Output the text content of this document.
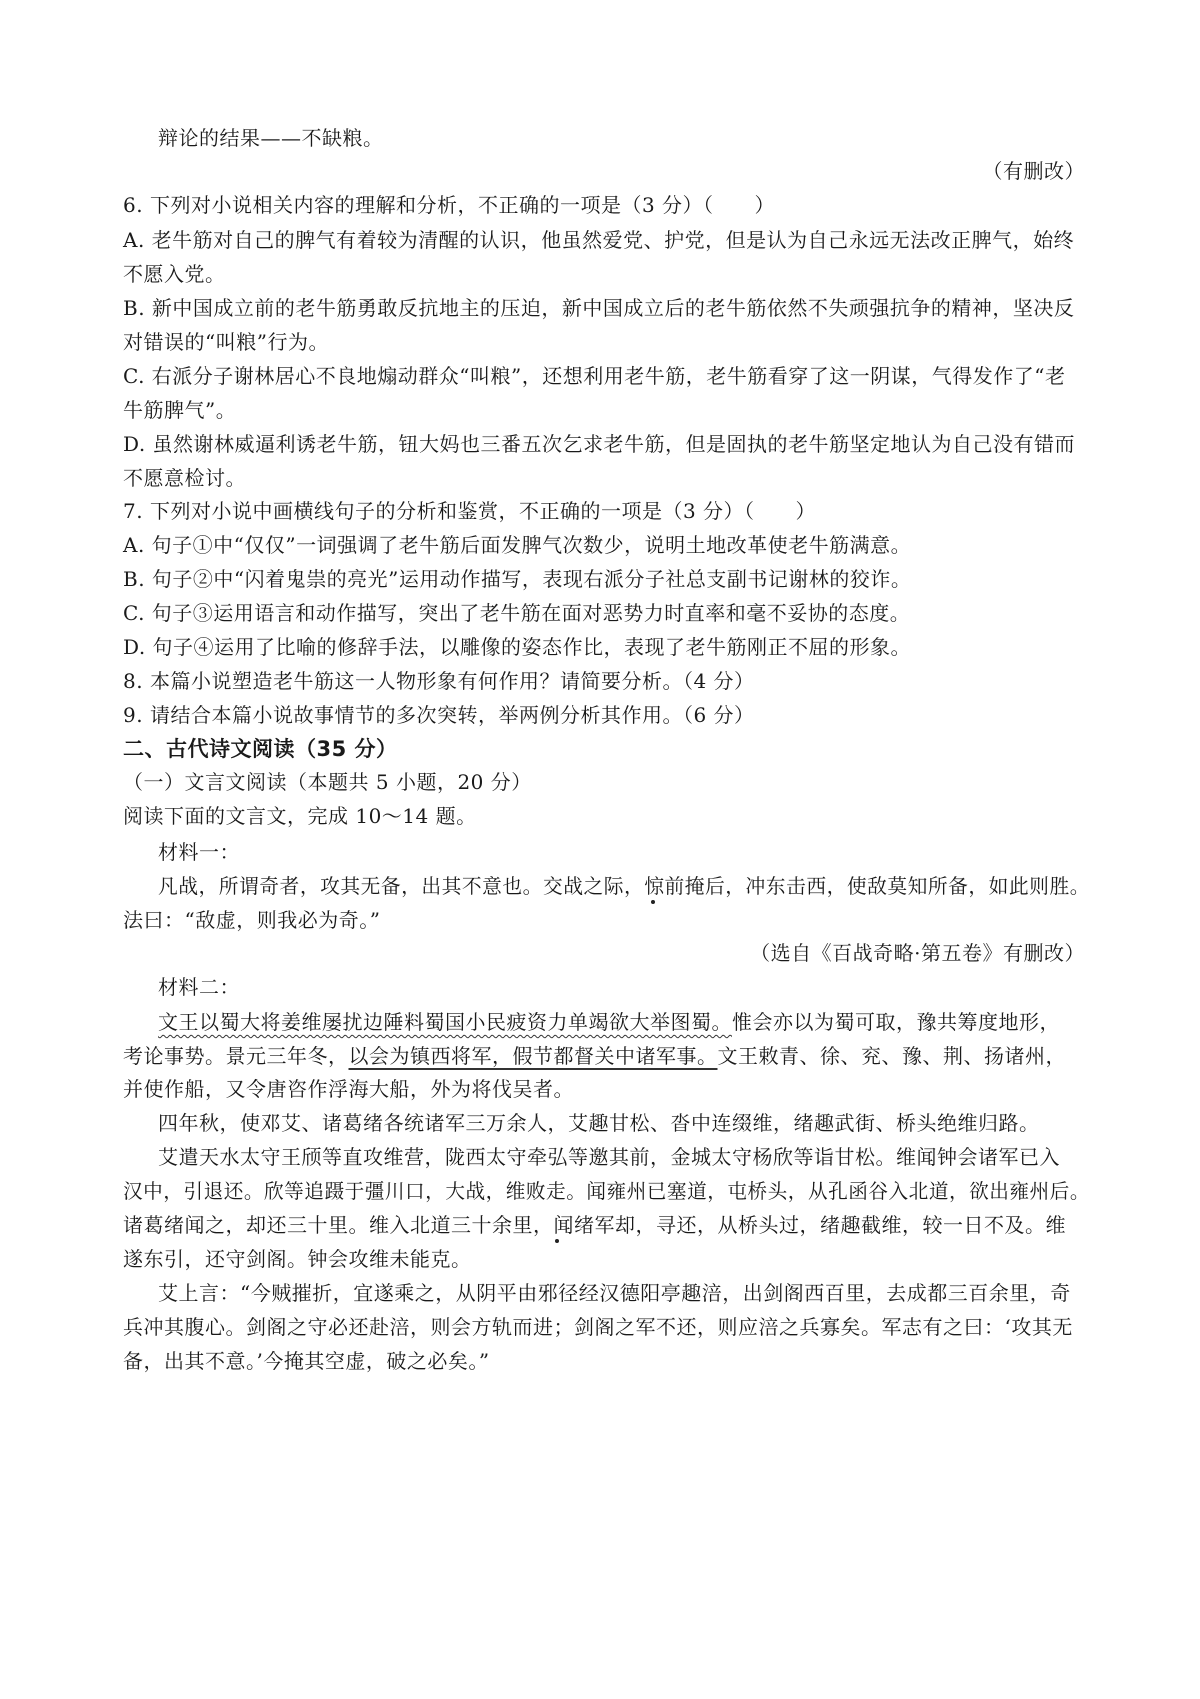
辩论的结果——不缺粮。
（有删改）
6. 下列对小说相关内容的理解和分析，不正确的一项是（3 分）（　　）
A. 老牛筋对自己的脾气有着较为清醒的认识，他虽然爱党、护党，但是认为自己永远无法改正脾气，始终
不愿入党。
B. 新中国成立前的老牛筋勇敢反抗地主的压迫，新中国成立后的老牛筋依然不失顽强抗争的精神，坚决反
对错误的“叫粮”行为。
C. 右派分子谢林居心不良地煽动群众“叫粮”，还想利用老牛筋，老牛筋看穿了这一阴谋，气得发作了“老
牛筋脾气”。
D. 虽然谢林威逼利诱老牛筋，钮大妈也三番五次乞求老牛筋，但是固执的老牛筋坚定地认为自己没有错而
不愿意检讨。
7. 下列对小说中画横线句子的分析和鉴赏，不正确的一项是（3 分）（　　）
A. 句子①中“仅仅”一词强调了老牛筋后面发脾气次数少，说明土地改革使老牛筋满意。
B. 句子②中“闪着鬼祟的亮光”运用动作描写，表现右派分子社总支副书记谢林的狡诈。
C. 句子③运用语言和动作描写，突出了老牛筋在面对恶势力时直率和毫不妥协的态度。
D. 句子④运用了比喻的修辞手法，以雕像的姿态作比，表现了老牛筋刚正不屈的形象。
8. 本篇小说塑造老牛筋这一人物形象有何作用？请简要分析。（4 分）
9. 请结合本篇小说故事情节的多次突转，举两例分析其作用。（6 分）
二、古代诗文阅读（35 分）
（一）文言文阅读（本题共 5 小题，20 分）
阅读下面的文言文，完成 10～14 题。
材料一：
凡战，所谓奇者，攻其无备，出其不意也。交战之际，惊前掩后，冲东击西，使敌莫知所备，如此则胜。
法曰：“敌虚，则我必为奇。”
（选自《百战奇略·第五卷》有删改）
材料二：
文王以蜀大将姜维屡扰边陲料蜀国小民疲资力单竭欲大举图蜀。惟会亦以为蜀可取，豫共筹度地形，
考论事势。景元三年冬，以会为镇西将军，假节都督关中诸军事。文王敕青、徐、兖、豫、荆、扬诸州，
并使作船，又令唐咨作浮海大船，外为将伐吴者。
四年秋，使邓艾、诸葛绪各统诸军三万余人，艾趣甘松、沓中连缀维，绪趣武街、桥头绝维归路。
艾遣天水太守王颀等直攻维营，陇西太守牵弘等邀其前，金城太守杨欣等诣甘松。维闻钟会诸军已入
汉中，引退还。欣等追蹑于彊川口，大战，维败走。闻雍州已塞道，屯桥头，从孔函谷入北道，欲出雍州后。
诸葛绪闻之，却还三十里。维入北道三十余里，闻绪军却，寻还，从桥头过，绪趣截维，较一日不及。维
遂东引，还守剑阁。钟会攻维未能克。
艾上言：“今贼摧折，宜遂乘之，从阴平由邪径经汉德阳亭趣涪，出剑阁西百里，去成都三百余里，奇
兵冲其腹心。剑阁之守必还赴涪，则会方轨而进；剑阁之军不还，则应涪之兵寡矣。军志有之曰：‘攻其无
备，出其不意。’今掩其空虚，破之必矣。”
